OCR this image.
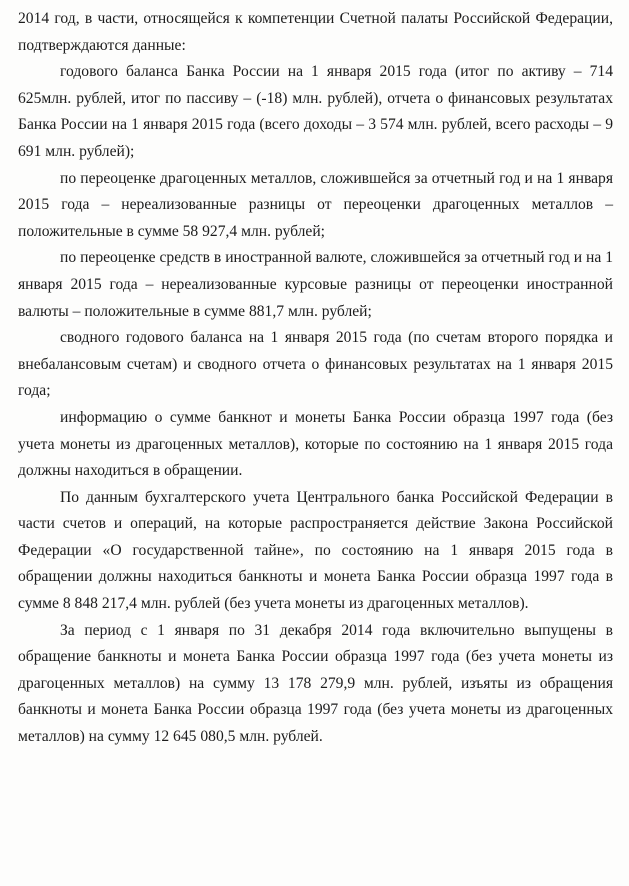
2014 год, в части, относящейся к компетенции Счетной палаты Российской Федерации, подтверждаются данные:

годового баланса Банка России на 1 января 2015 года (итог по активу – 714 625млн. рублей, итог по пассиву – (-18) млн. рублей), отчета о финансовых результатах Банка России на 1 января 2015 года (всего доходы – 3 574 млн. рублей, всего расходы – 9 691 млн. рублей);

по переоценке драгоценных металлов, сложившейся за отчетный год и на 1 января 2015 года – нереализованные разницы от переоценки драгоценных металлов – положительные в сумме 58 927,4 млн. рублей;

по переоценке средств в иностранной валюте, сложившейся за отчетный год и на 1 января 2015 года – нереализованные курсовые разницы от переоценки иностранной валюты – положительные в сумме 881,7 млн. рублей;

сводного годового баланса на 1 января 2015 года (по счетам второго порядка и внебалансовым счетам) и сводного отчета о финансовых результатах на 1 января 2015 года;

информацию о сумме банкнот и монеты Банка России образца 1997 года (без учета монеты из драгоценных металлов), которые по состоянию на 1 января 2015 года должны находиться в обращении.

По данным бухгалтерского учета Центрального банка Российской Федерации в части счетов и операций, на которые распространяется действие Закона Российской Федерации «О государственной тайне», по состоянию на 1 января 2015 года в обращении должны находиться банкноты и монета Банка России образца 1997 года в сумме 8 848 217,4 млн. рублей (без учета монеты из драгоценных металлов).

За период с 1 января по 31 декабря 2014 года включительно выпущены в обращение банкноты и монета Банка России образца 1997 года (без учета монеты из драгоценных металлов) на сумму 13 178 279,9 млн. рублей, изъяты из обращения банкноты и монета Банка России образца 1997 года (без учета монеты из драгоценных металлов) на сумму 12 645 080,5 млн. рублей.
